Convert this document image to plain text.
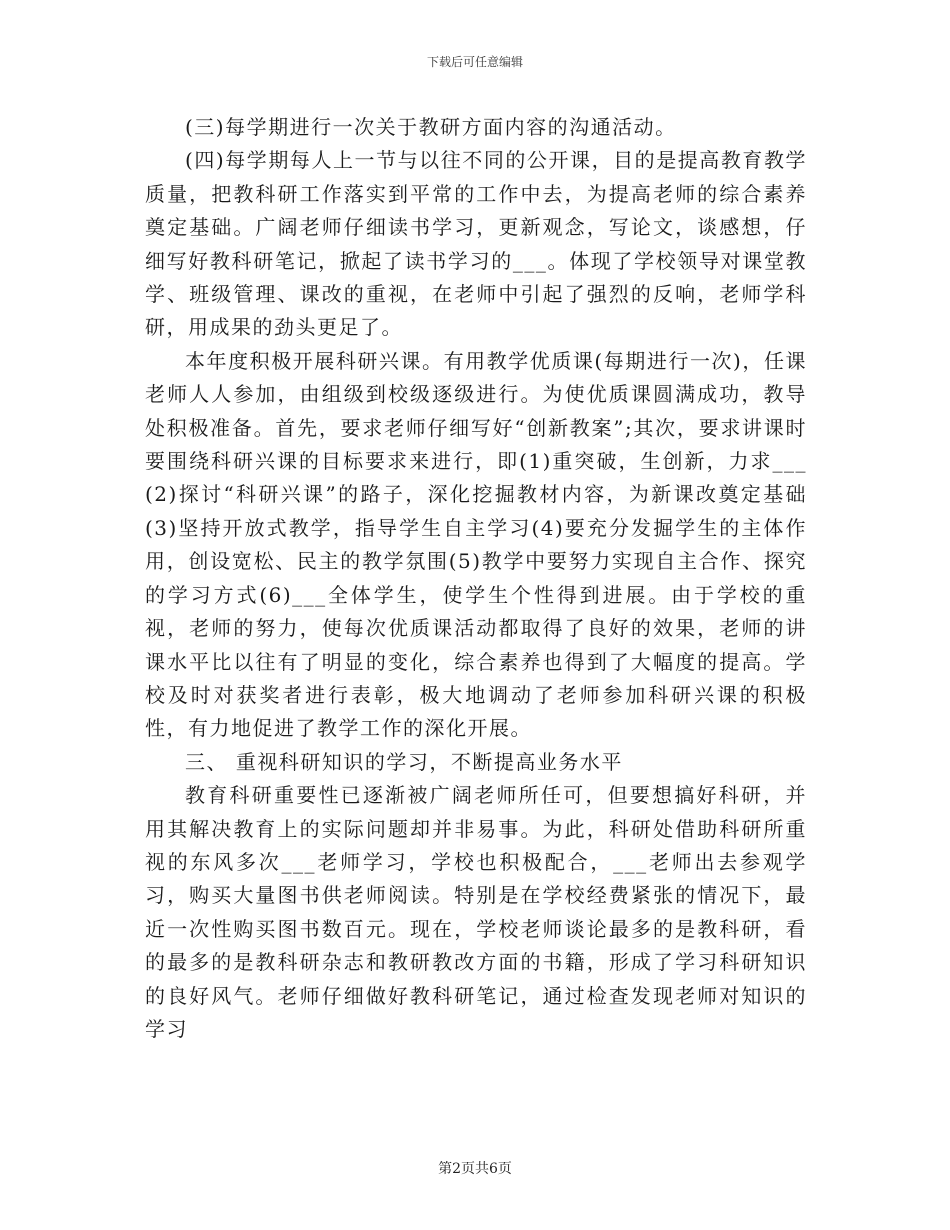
下载后可任意编辑

(三)每学期进行一次关于教研方面内容的沟通活动。

(四)每学期每人上一节与以往不同的公开课，目的是提高教育教学质量，把教科研工作落实到平常的工作中去，为提高老师的综合素养奠定基础。广阔老师仔细读书学习，更新观念，写论文，谈感想，仔细写好教科研笔记，掀起了读书学习的___。体现了学校领导对课堂教学、班级管理、课改的重视，在老师中引起了强烈的反响，老师学科研，用成果的劲头更足了。

本年度积极开展科研兴课。有用教学优质课(每期进行一次)，任课老师人人参加，由组级到校级逐级进行。为使优质课圆满成功，教导处积极准备。首先，要求老师仔细写好“创新教案”;其次，要求讲课时要围绕科研兴课的目标要求来进行，即(1)重突破，生创新，力求___(2)探讨“科研兴课”的路子，深化挖掘教材内容，为新课改奠定基础(3)坚持开放式教学，指导学生自主学习(4)要充分发掘学生的主体作用，创设宽松、民主的教学氛围(5)教学中要努力实现自主合作、探究的学习方式(6)___全体学生，使学生个性得到进展。由于学校的重视，老师的努力，使每次优质课活动都取得了良好的效果，老师的讲课水平比以往有了明显的变化，综合素养也得到了大幅度的提高。学校及时对获奖者进行表彰，极大地调动了老师参加科研兴课的积极性，有力地促进了教学工作的深化开展。

三、 重视科研知识的学习，不断提高业务水平

教育科研重要性已逐渐被广阔老师所任可，但要想搞好科研，并用其解决教育上的实际问题却并非易事。为此，科研处借助科研所重视的东风多次___老师学习，学校也积极配合，___老师出去参观学习，购买大量图书供老师阅读。特别是在学校经费紧张的情况下，最近一次性购买图书数百元。现在，学校老师谈论最多的是教科研，看的最多的是教科研杂志和教研教改方面的书籍，形成了学习科研知识的良好风气。老师仔细做好教科研笔记，通过检查发现老师对知识的学习

第2页共6页
